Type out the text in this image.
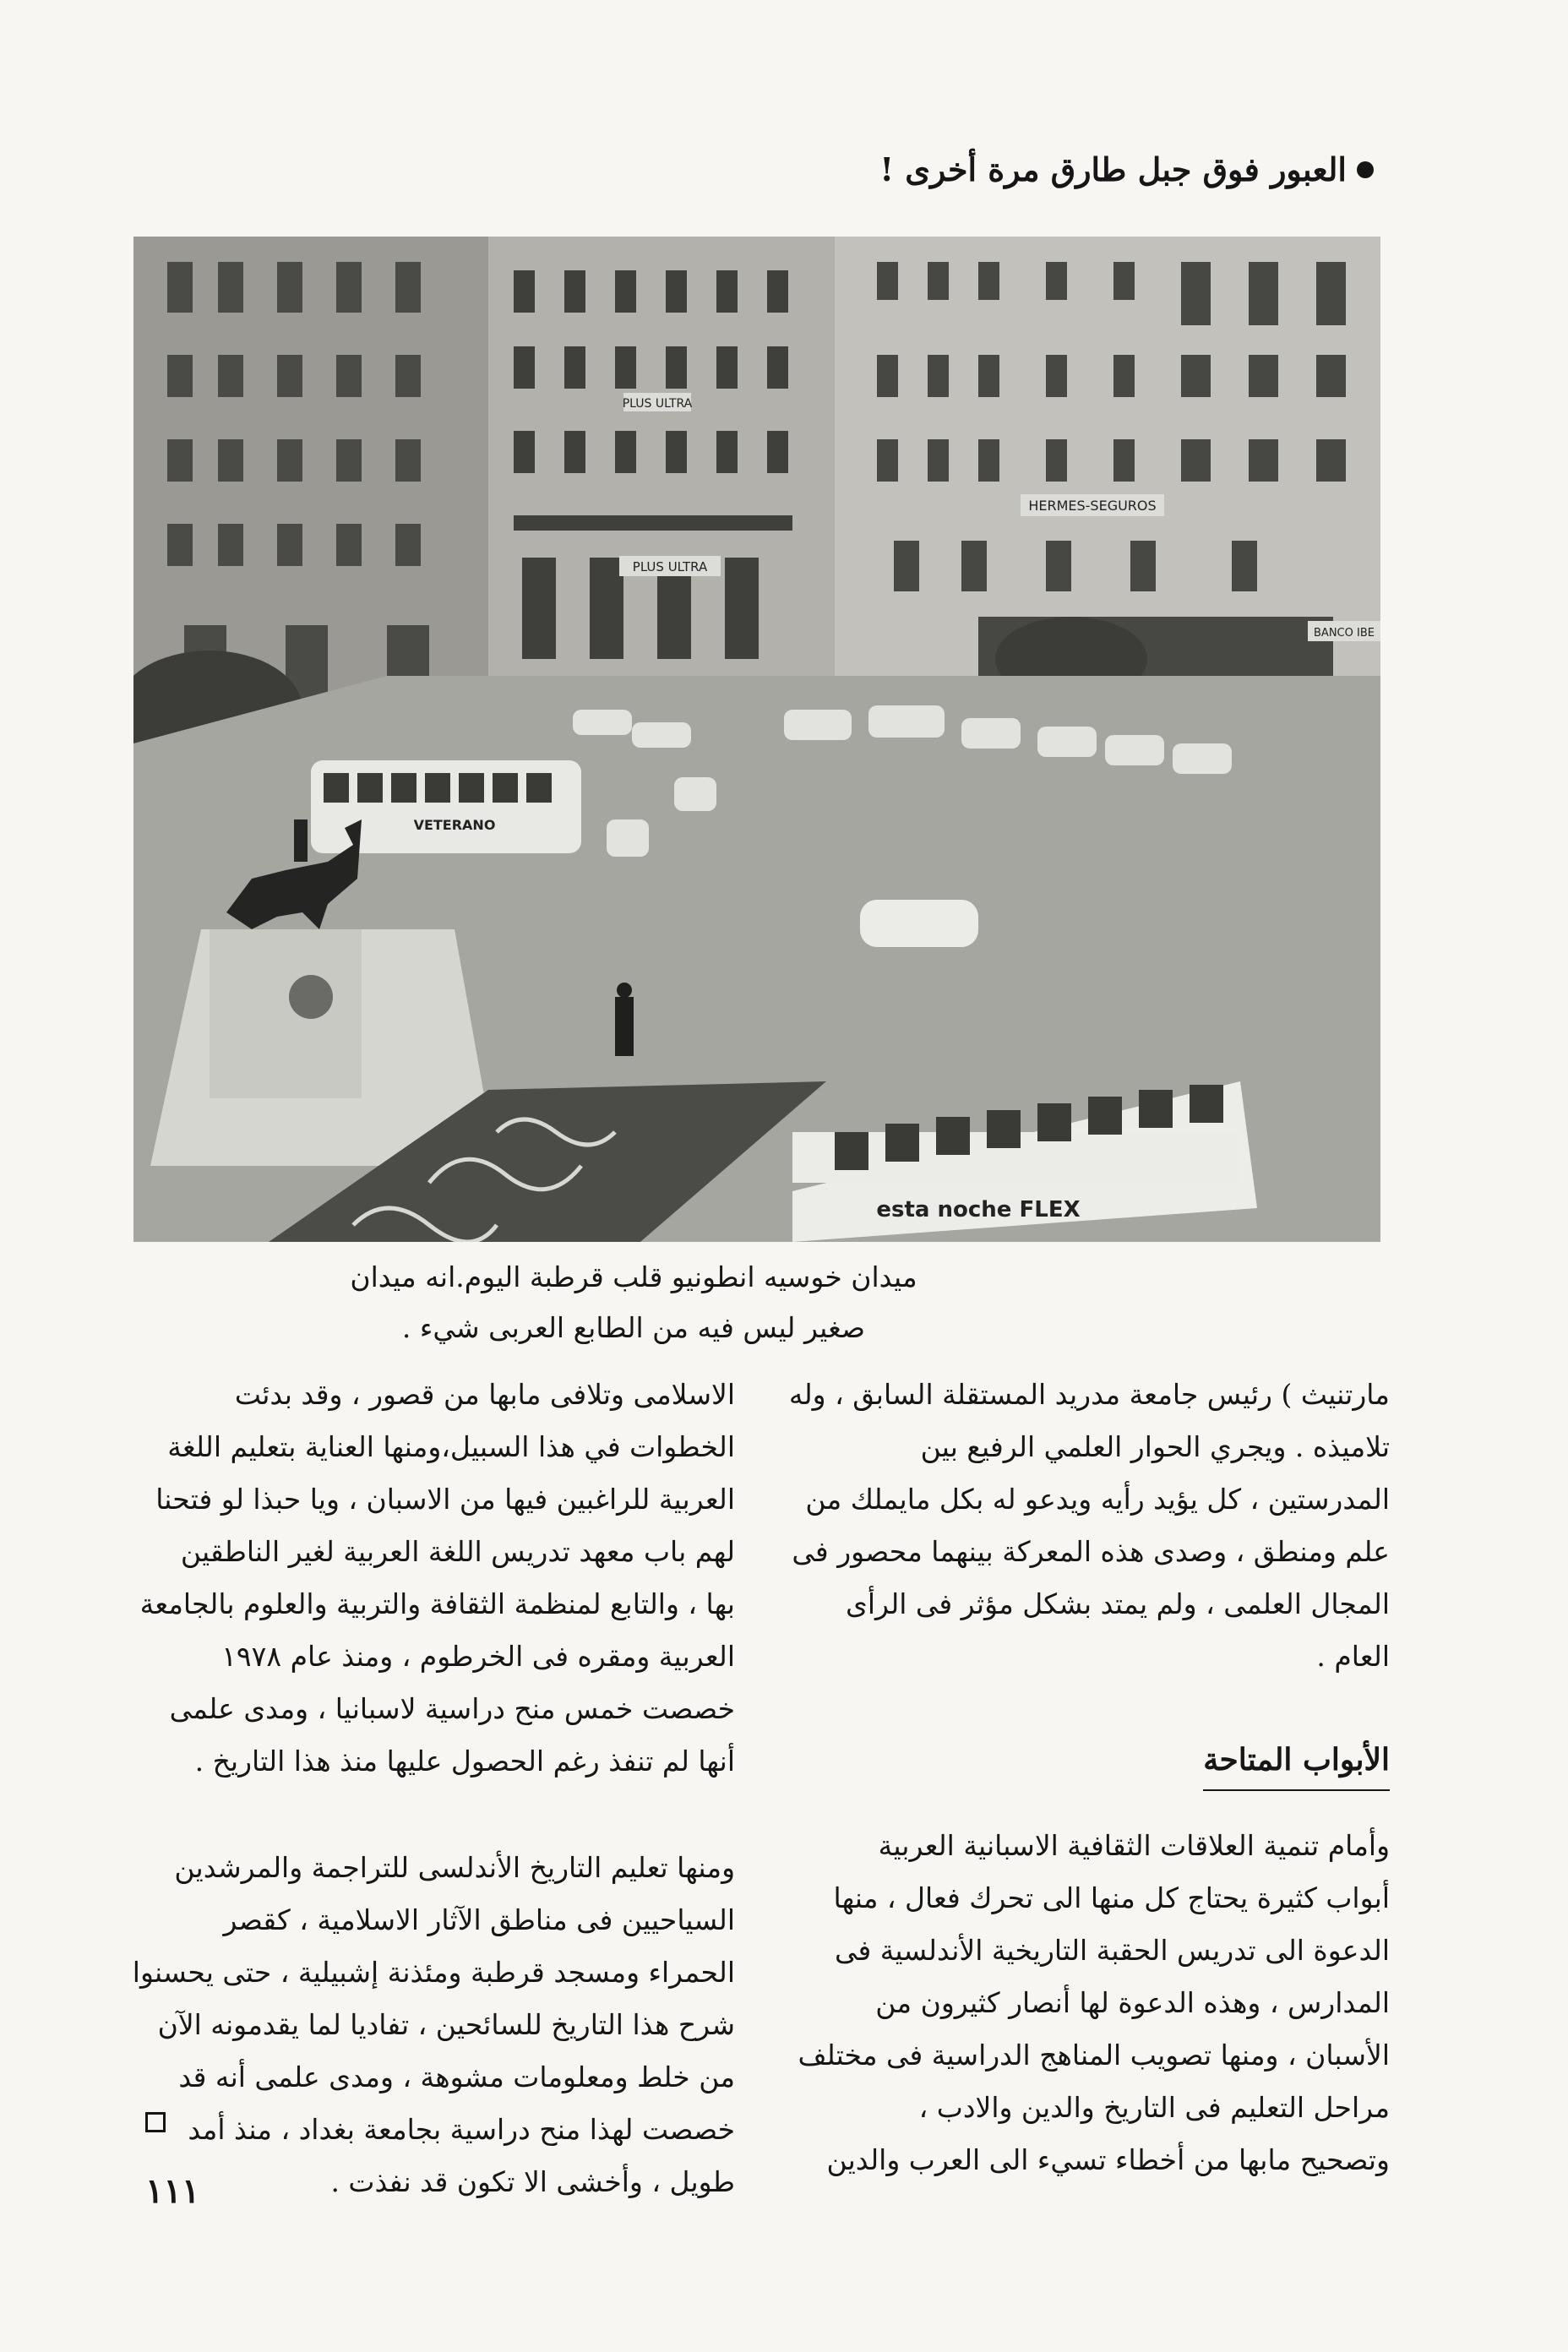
العبور فوق جبل طارق مرة أخرى !
PLUS ULTRA
PLUS ULTRA
HERMES-SEGUROS
BANCO IBE
VETERANO
esta noche FLEX
ميدان خوسيه انطونيو قلب قرطبة اليوم.انه ميدان
صغير ليس فيه من الطابع العربى شيء .

مارتنيث ) رئيس جامعة مدريد المستقلة السابق ، وله
تلاميذه . ويجري الحوار العلمي الرفيع بين
المدرستين ، كل يؤيد رأيه ويدعو له بكل مايملك من
علم ومنطق ، وصدى هذه المعركة بينهما محصور فى
المجال العلمى ، ولم يمتد بشكل مؤثر فى الرأى
العام .

الأبواب المتاحة

وأمام تنمية العلاقات الثقافية الاسبانية العربية
أبواب كثيرة يحتاج كل منها الى تحرك فعال ، منها
الدعوة الى تدريس الحقبة التاريخية الأندلسية فى
المدارس ، وهذه الدعوة لها أنصار كثيرون من
الأسبان ، ومنها تصويب المناهج الدراسية فى مختلف
مراحل التعليم فى التاريخ والدين والادب ،
وتصحيح مابها من أخطاء تسيء الى العرب والدين

الاسلامى وتلافى مابها من قصور ، وقد بدئت
الخطوات في هذا السبيل،ومنها العناية بتعليم اللغة
العربية للراغبين فيها من الاسبان ، ويا حبذا لو فتحنا
لهم باب معهد تدريس اللغة العربية لغير الناطقين
بها ، والتابع لمنظمة الثقافة والتربية والعلوم بالجامعة
العربية ومقره فى الخرطوم ، ومنذ عام ١٩٧٨
خصصت خمس منح دراسية لاسبانيا ، ومدى علمى
أنها لم تنفذ رغم الحصول عليها منذ هذا التاريخ .

ومنها تعليم التاريخ الأندلسى للتراجمة والمرشدين
السياحيين فى مناطق الآثار الاسلامية ، كقصر
الحمراء ومسجد قرطبة ومئذنة إشبيلية ، حتى يحسنوا
شرح هذا التاريخ للسائحين ، تفاديا لما يقدمونه الآن
من خلط ومعلومات مشوهة ، ومدى علمى أنه قد
خصصت لهذا منح دراسية بجامعة بغداد ، منذ أمد
طويل ، وأخشى الا تكون قد نفذت .

١١١
